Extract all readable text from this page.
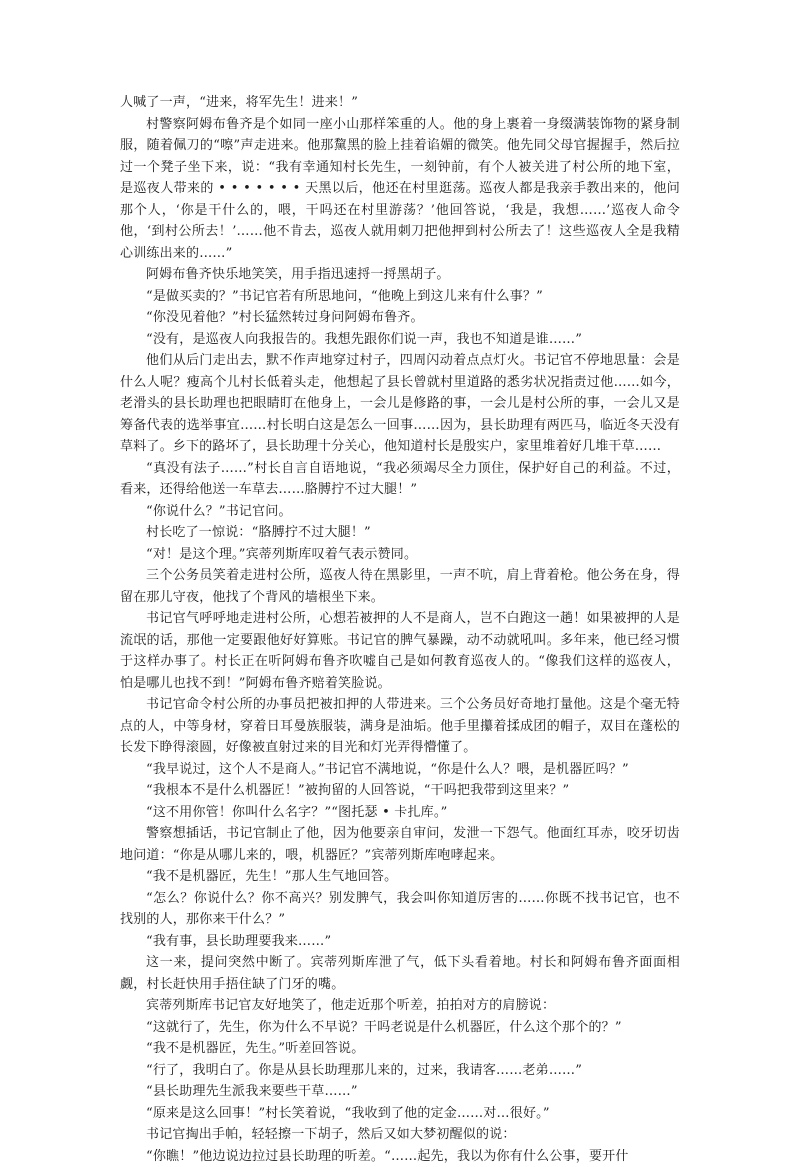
人喊了一声，“进来，将军先生！进来！”

村警察阿姆布鲁齐是个如同一座小山那样笨重的人。他的身上裹着一身缀满装饰物的紧身制服，随着佩刀的“嚓”声走进来。他那黧黑的脸上挂着谄媚的微笑。他先同父母官握握手，然后拉过一个凳子坐下来，说：“我有幸通知村长先生，一刻钟前，有个人被关进了村公所的地下室，是巡夜人带来的 • • • • • • • 天黑以后，他还在村里逛荡。巡夜人都是我亲手教出来的，他问那个人，‘你是干什么的，喂，干吗还在村里游荡？’他回答说，‘我是，我想……’巡夜人命令他，‘到村公所去！’……他不肯去，巡夜人就用刺刀把他押到村公所去了！这些巡夜人全是我精心训练出来的……”

阿姆布鲁齐快乐地笑笑，用手指迅速捋一捋黑胡子。

“是做买卖的？”书记官若有所思地问，“他晚上到这儿来有什么事？”

“你没见着他？”村长猛然转过身问阿姆布鲁齐。

“没有，是巡夜人向我报告的。我想先跟你们说一声，我也不知道是谁……”

他们从后门走出去，默不作声地穿过村子，四周闪动着点点灯火。书记官不停地思量：会是什么人呢？瘦高个儿村长低着头走，他想起了县长曾就村里道路的悉劣状况指责过他……如今，老滑头的县长助理也把眼睛盯在他身上，一会儿是修路的事，一会儿是村公所的事，一会儿又是筹备代表的选举事宜……村长明白这是怎么一回事……因为，县长助理有两匹马，临近冬天没有草料了。乡下的路坏了，县长助理十分关心，他知道村长是殷实户，家里堆着好几堆干草……

“真没有法子……”村长自言自语地说，“我必须竭尽全力顶住，保护好自己的利益。不过，看来，还得给他送一车草去……胳膊拧不过大腿！”

“你说什么？”书记官问。

村长吃了一惊说：“胳膊拧不过大腿！”

“对！是这个理。”宾蒂列斯库叹着气表示赞同。

三个公务员笑着走进村公所，巡夜人待在黑影里，一声不吭，肩上背着枪。他公务在身，得留在那儿守夜，他找了个背风的墙根坐下来。

书记官气呼呼地走进村公所，心想若被押的人不是商人，岂不白跑这一趟！如果被押的人是流氓的话，那他一定要跟他好好算账。书记官的脾气暴躁，动不动就吼叫。多年来，他已经习惯于这样办事了。村长正在听阿姆布鲁齐吹嘘自己是如何教育巡夜人的。“像我们这样的巡夜人，怕是哪儿也找不到！”阿姆布鲁齐赔着笑脸说。

书记官命令村公所的办事员把被扣押的人带进来。三个公务员好奇地打量他。这是个毫无特点的人，中等身材，穿着日耳曼族服装，满身是油垢。他手里攥着揉成团的帽子，双目在蓬松的长发下睁得滚圆，好像被直射过来的目光和灯光弄得懵懂了。

“我早说过，这个人不是商人。”书记官不满地说，“你是什么人？喂，是机器匠吗？”

“我根本不是什么机器匠！”被拘留的人回答说，“干吗把我带到这里来？”

“这不用你管！你叫什么名字？”“图托瑟 • 卡扎库。”

警察想插话，书记官制止了他，因为他要亲自审问，发泄一下怨气。他面红耳赤，咬牙切齿地问道：“你是从哪儿来的，喂，机器匠？”宾蒂列斯库咆哮起来。

“我不是机器匠，先生！”那人生气地回答。

“怎么？你说什么？你不高兴？别发脾气，我会叫你知道厉害的……你既不找书记官，也不找别的人，那你来干什么？”

“我有事，县长助理要我来……”

这一来，提问突然中断了。宾蒂列斯库泄了气，低下头看着地。村长和阿姆布鲁齐面面相觑，村长赶快用手捂住缺了门牙的嘴。

宾蒂列斯库书记官友好地笑了，他走近那个听差，拍拍对方的肩膀说：

“这就行了，先生，你为什么不早说？干吗老说是什么机器匠，什么这个那个的？”

“我不是机器匠，先生。”听差回答说。

“行了，我明白了。你是从县长助理那儿来的，过来，我请客……老弟……”

“县长助理先生派我来要些干草……”

“原来是这么回事！”村长笑着说，“我收到了他的定金……对…很好。”

书记官掏出手帕，轻轻擦一下胡子，然后又如大梦初醒似的说：

“你瞧！”他边说边拉过县长助理的听差。“……起先，我以为你有什么公事，要开什
